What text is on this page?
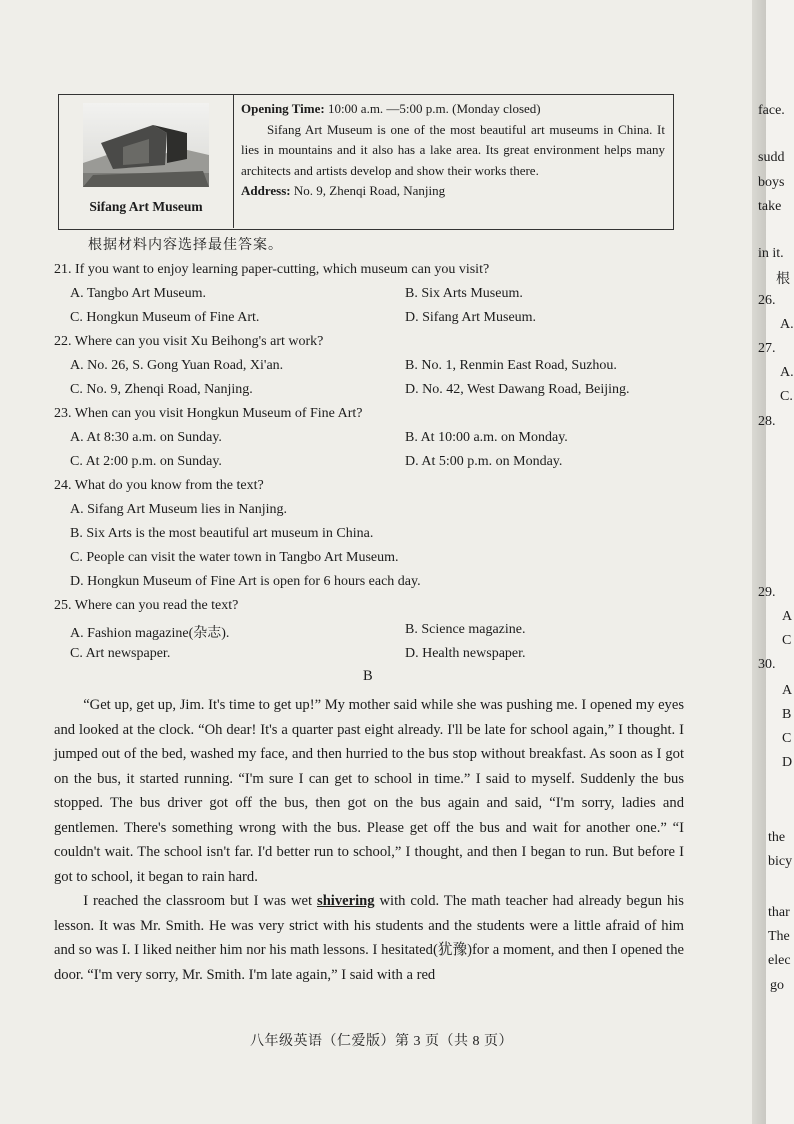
Sifang Art Museum

Opening Time: 10:00 a.m. —5:00 p.m. (Monday closed)

Sifang Art Museum is one of the most beautiful art museums in China. It lies in mountains and it also has a lake area. Its great environment helps many architects and artists develop and show their works there.

Address: No. 9, Zhenqi Road, Nanjing

根据材料内容选择最佳答案。
21. If you want to enjoy learning paper-cutting, which museum can you visit?
A. Tangbo Art Museum.	B. Six Arts Museum.
C. Hongkun Museum of Fine Art.	D. Sifang Art Museum.
22. Where can you visit Xu Beihong's art work?
A. No. 26, S. Gong Yuan Road, Xi'an.	B. No. 1, Renmin East Road, Suzhou.
C. No. 9, Zhenqi Road, Nanjing.	D. No. 42, West Dawang Road, Beijing.
23. When can you visit Hongkun Museum of Fine Art?
A. At 8:30 a.m. on Sunday.	B. At 10:00 a.m. on Monday.
C. At 2:00 p.m. on Sunday.	D. At 5:00 p.m. on Monday.
24. What do you know from the text?
A. Sifang Art Museum lies in Nanjing.
B. Six Arts is the most beautiful art museum in China.
C. People can visit the water town in Tangbo Art Museum.
D. Hongkun Museum of Fine Art is open for 6 hours each day.
25. Where can you read the text?
A. Fashion magazine(杂志).	B. Science magazine.
C. Art newspaper.	D. Health newspaper.
B

“Get up, get up, Jim. It's time to get up!” My mother said while she was pushing me. I opened my eyes and looked at the clock. “Oh dear! It's a quarter past eight already. I'll be late for school again,” I thought. I jumped out of the bed, washed my face, and then hurried to the bus stop without breakfast. As soon as I got on the bus, it started running. “I'm sure I can get to school in time.” I said to myself. Suddenly the bus stopped. The bus driver got off the bus, then got on the bus again and said, “I'm sorry, ladies and gentlemen. There's something wrong with the bus. Please get off the bus and wait for another one.” “I couldn't wait. The school isn't far. I'd better run to school,” I thought, and then I began to run. But before I got to school, it began to rain hard.

I reached the classroom but I was wet shivering with cold. The math teacher had already begun his lesson. It was Mr. Smith. He was very strict with his students and the students were a little afraid of him and so was I. I liked neither him nor his math lessons. I hesitated(犹豫)for a moment, and then I opened the door. “I'm very sorry, Mr. Smith. I'm late again,” I said with a red

八年级英语（仁爱版）第 3 页（共 8 页）
face.
sudd
boys
take
in it.
根
26.
A.
27.
A.
C.
28.
29.
A
C
30.
A
B
C
D
the
bicy
thar
The
elec
go
